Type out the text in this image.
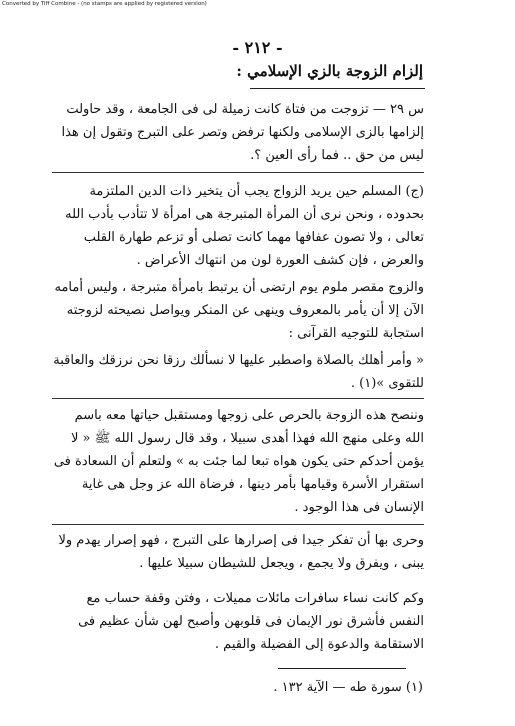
Converted by Tiff Combine - (no stamps are applied by registered version)
- ٢١٢ -
إلزام الزوجة بالزي الإسلامي :

س ٢٩ — تزوجت من فتاة كانت زميلة لى فى الجامعة ، وقد حاولت إلزامها بالزى الإسلامى ولكنها ترفض وتصر على التبرج وتقول إن هذا ليس من حق .. فما رأى العين ؟.

(ج) المسلم حين يريد الزواج يجب أن يتخير ذات الدين الملتزمة بحدوده ، ونحن نرى أن المرأة المتبرجة هى امرأة لا تتأدب بأدب الله تعالى ، ولا تصون عفافها مهما كانت تصلى أو تزعم طهارة القلب والعرض ، فإن كشف العورة لون من انتهاك الأعراض .

والزوج مقصر ملوم يوم ارتضى أن يرتبط بامرأة متبرجة ، وليس أمامه الآن إلا أن يأمر بالمعروف وينهى عن المنكر ويواصل نصيحته لزوجته استجابة للتوجيه القرآنى :

« وأمر أهلك بالصلاة واصطبر عليها لا نسألك رزقا نحن نرزقك والعاقبة للتقوى »(١) .

وننصح هذه الزوجة بالحرص على زوجها ومستقبل حياتها معه باسم الله وعلى منهج الله فهذا أهدى سبيلا ، وقد قال رسول الله ﷺ « لا يؤمن أحدكم حتى يكون هواه تبعا لما جئت به » ولتعلم أن السعادة فى استقرار الأسرة وقيامها بأمر دينها ، فرضاة الله عز وجل هى غاية الإنسان فى هذا الوجود .

وحرى بها أن تفكر جيدا فى إصرارها على التبرج ، فهو إصرار يهدم ولا يبنى ، ويفرق ولا يجمع ، ويجعل للشيطان سبيلا عليها .

وكم كانت نساء سافرات مائلات مميلات ، وفتن وقفة حساب مع النفس فأشرق نور الإيمان فى قلوبهن وأصبح لهن شأن عظيم فى الاستقامة والدعوة إلى الفضيلة والقيم .

(١) سورة طه — الآية ١٣٢ .
